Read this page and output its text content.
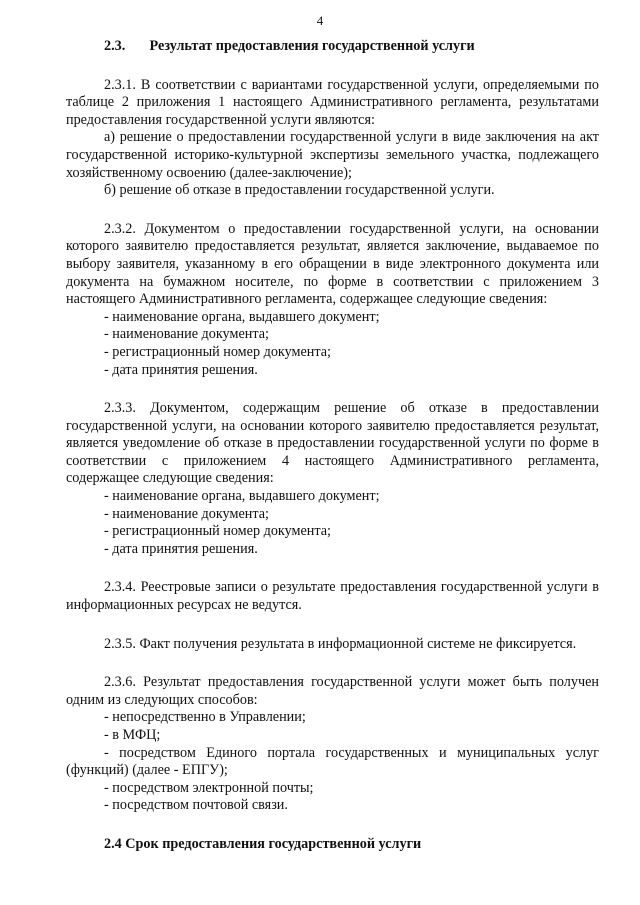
4
2.3. Результат предоставления государственной услуги

2.3.1. В соответствии с вариантами государственной услуги, определяемыми по таблице 2 приложения 1 настоящего Административного регламента, результатами предоставления государственной услуги являются:

а) решение о предоставлении государственной услуги в виде заключения на акт государственной историко-культурной экспертизы земельного участка, подлежащего хозяйственному освоению (далее-заключение);

б) решение об отказе в предоставлении государственной услуги.

2.3.2. Документом о предоставлении государственной услуги, на основании которого заявителю предоставляется результат, является заключение, выдаваемое по выбору заявителя, указанному в его обращении в виде электронного документа или документа на бумажном носителе, по форме в соответствии с приложением 3 настоящего Административного регламента, содержащее следующие сведения:

- наименование органа, выдавшего документ;
- наименование документа;
- регистрационный номер документа;
- дата принятия решения.

2.3.3. Документом, содержащим решение об отказе в предоставлении государственной услуги, на основании которого заявителю предоставляется результат, является уведомление об отказе в предоставлении государственной услуги по форме в соответствии с приложением 4 настоящего Административного регламента, содержащее следующие сведения:

- наименование органа, выдавшего документ;
- наименование документа;
- регистрационный номер документа;
- дата принятия решения.

2.3.4. Реестровые записи о результате предоставления государственной услуги в информационных ресурсах не ведутся.

2.3.5. Факт получения результата в информационной системе не фиксируется.

2.3.6. Результат предоставления государственной услуги может быть получен одним из следующих способов:

- непосредственно в Управлении;
- в МФЦ;
- посредством Единого портала государственных и муниципальных услуг (функций) (далее - ЕПГУ);
- посредством электронной почты;
- посредством почтовой связи.
2.4 Срок предоставления государственной услуги
